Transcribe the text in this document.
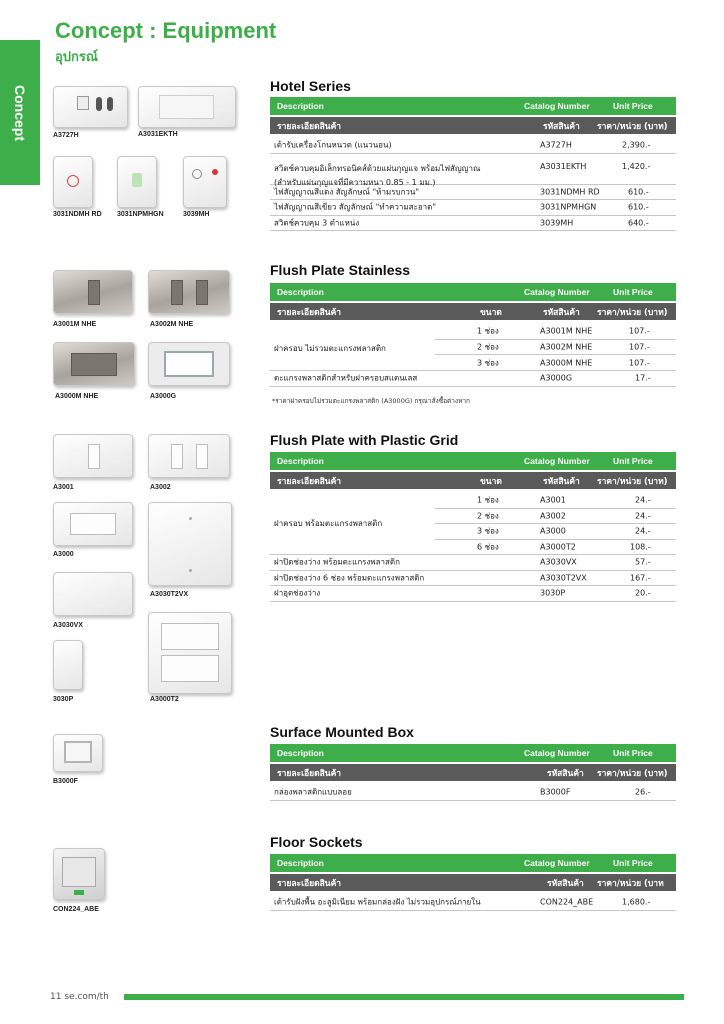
Concept
Concept : Equipment
อุปกรณ์
A3727H	A3031EKTH
3031NDMH RD 3031NPMHGN	3039MH
A3001M NHE	A3002M NHE
A3000M NHE	A3000G
A3001	A3002
A3000
A3030T2VX
A3030VX
3030P	A3000T2
B3000F
CON224_ABE
Hotel Series
Description	Catalog Number	Unit Price
รายละเอียดสินค้า	รหัสสินค้า ราคา/หน่วย (บาท)
เต้ารับเครื่องโกนหนวด (แนวนอน)	A3727H	2,390.-
สวิตช์ควบคุมอิเล็กทรอนิคส์ด้วยแผ่นกุญแจ พร้อมไฟสัญญาณ
(สำหรับแผ่นกุญแจที่มีความหนา 0.85 - 1 มม.)
A3031EKTH	1,420.-
ไฟสัญญาณสีแดง สัญลักษณ์ "ห้ามรบกวน"	3031NDMH RD	610.-
ไฟสัญญาณสีเขียว สัญลักษณ์ "ทำความสะอาด"	3031NPMHGN	610.-
สวิตช์ควบคุม 3 ตำแหน่ง	3039MH	640.-
Flush Plate Stainless
Description	Catalog Number	Unit Price
รายละเอียดสินค้า	ขนาด	รหัสสินค้า ราคา/หน่วย (บาท)
ฝาครอบ ไม่รวมตะแกรงพลาสติก
1 ช่อง	A3001M NHE	107.-
2 ช่อง	A3002M NHE	107.-
3 ช่อง	A3000M NHE	107.-
ตะแกรงพลาสติกสำหรับฝาครอบสแตนเลส	A3000G	17.-
*ราคาฝาครอบไม่รวมตะแกรงพลาสติก (A3000G) กรุณาสั่งซื้อต่างหาก
Flush Plate with Plastic Grid
Description	Catalog Number	Unit Price
รายละเอียดสินค้า	ขนาด	รหัสสินค้า ราคา/หน่วย (บาท)
ฝาครอบ พร้อมตะแกรงพลาสติก
1 ช่อง	A3001	24.-
2 ช่อง	A3002	24.-
3 ช่อง	A3000	24.-
6 ช่อง	A3000T2	108.-
ฝาปิดช่องว่าง พร้อมตะแกรงพลาสติก	A3030VX	57.-
ฝาปิดช่องว่าง 6 ช่อง พร้อมตะแกรงพลาสติก	A3030T2VX	167.-
ฝาอุดช่องว่าง	3030P	20.-
Surface Mounted Box
Description	Catalog Number	Unit Price
รายละเอียดสินค้า	รหัสสินค้า ราคา/หน่วย (บาท)
กล่องพลาสติกแบบลอย	B3000F	26.-
Floor Sockets
Description	Catalog Number	Unit Price
รายละเอียดสินค้า	รหัสสินค้า ราคา/หน่วย (บาท
เต้ารับฝังพื้น อะลูมิเนียม พร้อมกล่องฝัง ไม่รวมอุปกรณ์ภายใน	CON224_ABE	1,680.-
11 se.com/th
